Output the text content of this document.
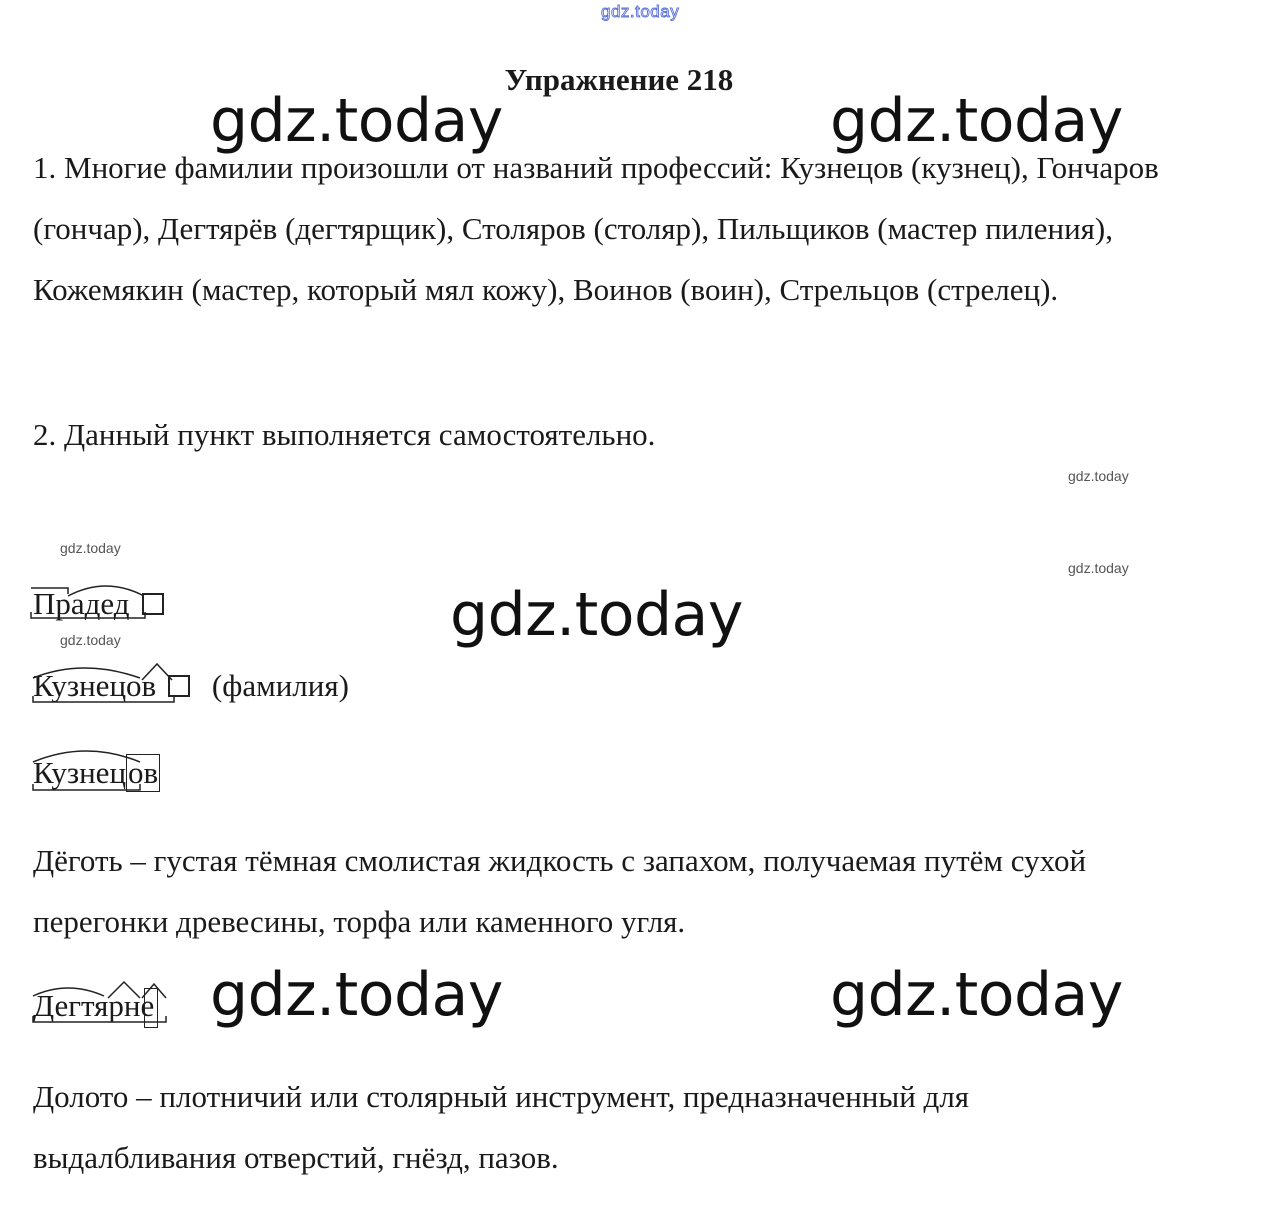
gdz.today
Упражнение 218
gdz.today	gdz.today
gdz.today
gdz.today	gdz.today
gdz.today
gdz.today
gdz.today
gdz.today
1. Многие фамилии произошли от названий профессий: Кузнецов (кузнец), Гончаров (гончар), Дегтярёв (дегтярщик), Столяров (столяр), Пильщиков (мастер пиления), Кожемякин (мастер, который мял кожу), Воинов (воин), Стрельцов (стрелец).
2. Данный пункт выполняется самостоятельно.
Прадед
Кузнецов (фамилия)
Кузнецов
Дёготь – густая тёмная смолистая жидкость с запахом, получаемая путём сухой перегонки древесины, торфа или каменного угля.
Дегтярне
Долото – плотничий или столярный инструмент, предназначенный для выдалбливания отверстий, гнёзд, пазов.
